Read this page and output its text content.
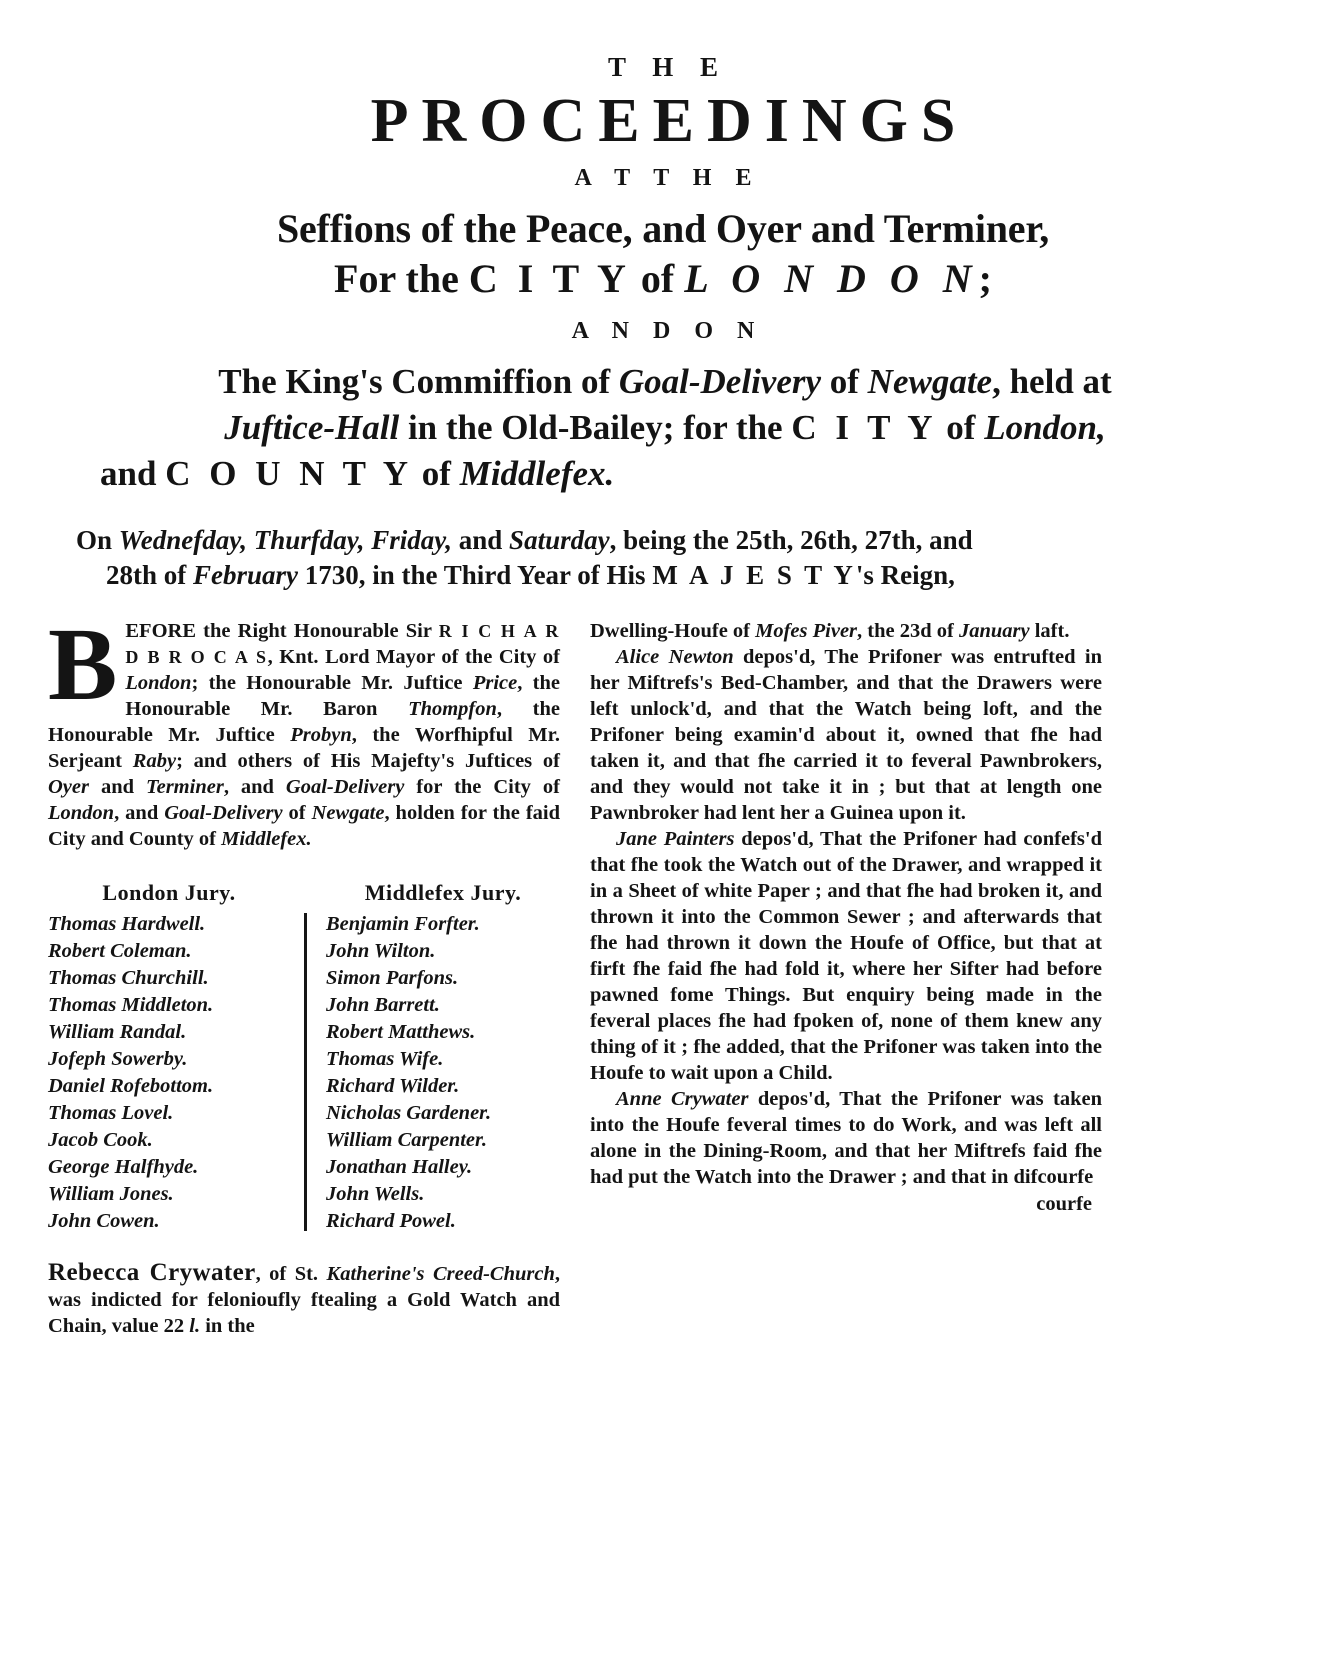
T H E
PROCEEDINGS
A T T H E
Seffions of the Peace, and Oyer and Terminer,
For the C I T Y of L O N D O N;
A N D O N
The King's Commiffion of Goal-Delivery of Newgate, held at
Juftice-Hall in the Old-Bailey; for the C I T Y of London,
and C O U N T Y of Middlefex.
On Wednefday, Thurfday, Friday, and Saturday, being the 25th, 26th, 27th, and
28th of February 1730, in the Third Year of His M A J E S T Y's Reign,
B EFORE the Right Honourable Sir R I C H A R D B R O C A S, Knt. Lord Mayor of the City of London; the Honourable Mr. Juftice Price, the Honourable Mr. Baron Thompfon, the Honourable Mr. Juftice Probyn, the Worfhipful Mr. Serjeant Raby; and others of His Majefty's Juftices of Oyer and Terminer, and Goal-Delivery for the City of London, and Goal-Delivery of Newgate, holden for the faid City and County of Middlefex.

London Jury.
Thomas Hardwell.
Robert Coleman.
Thomas Churchill.
Thomas Middleton.
William Randal.
Jofeph Sowerby.
Daniel Rofebottom.
Thomas Lovel.
Jacob Cook.
George Halfhyde.
William Jones.
John Cowen.
Middlefex Jury.
Benjamin Forfter.
John Wilton.
Simon Parfons.
John Barrett.
Robert Matthews.
Thomas Wife.
Richard Wilder.
Nicholas Gardener.
William Carpenter.
Jonathan Halley.
John Wells.
Richard Powel.

Rebecca Crywater, of St. Katherine's Creed-Church, was indicted for felonioufly ftealing a Gold Watch and Chain, value 22 l. in the

Dwelling-Houfe of Mofes Piver, the 23d of January laft.

Alice Newton depos'd, The Prifoner was entrufted in her Miftrefs's Bed-Chamber, and that the Drawers were left unlock'd, and that the Watch being loft, and the Prifoner being examin'd about it, owned that fhe had taken it, and that fhe carried it to feveral Pawnbrokers, and they would not take it in ; but that at length one Pawnbroker had lent her a Guinea upon it.

Jane Painters depos'd, That the Prifoner had confefs'd that fhe took the Watch out of the Drawer, and wrapped it in a Sheet of white Paper ; and that fhe had broken it, and thrown it into the Common Sewer ; and afterwards that fhe had thrown it down the Houfe of Office, but that at firft fhe faid fhe had fold it, where her Sifter had before pawned fome Things. But enquiry being made in the feveral places fhe had fpoken of, none of them knew any thing of it ; fhe added, that the Prifoner was taken into the Houfe to wait upon a Child.

Anne Crywater depos'd, That the Prifoner was taken into the Houfe feveral times to do Work, and was left all alone in the Dining-Room, and that her Miftrefs faid fhe had put the Watch into the Drawer ; and that in difcourfe

courfe
